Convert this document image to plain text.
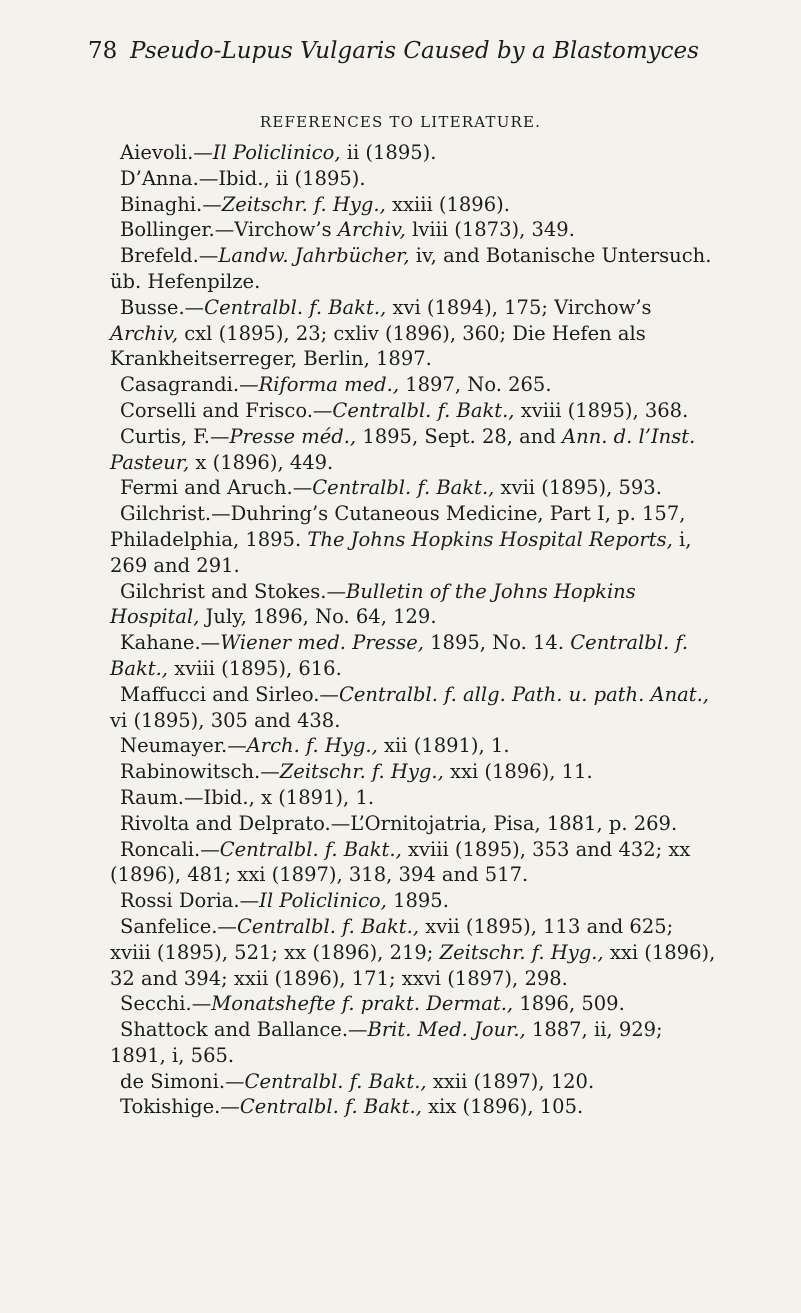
78 Pseudo-Lupus Vulgaris Caused by a Blastomyces
REFERENCES TO LITERATURE.

Aievoli.—Il Policlinico, ii (1895).

D’Anna.—Ibid., ii (1895).

Binaghi.—Zeitschr. f. Hyg., xxiii (1896).

Bollinger.—Virchow’s Archiv, lviii (1873), 349.

Brefeld.—Landw. Jahrbücher, iv, and Botanische Untersuch. üb. Hefenpilze.

Busse.—Centralbl. f. Bakt., xvi (1894), 175; Virchow’s Archiv, cxl (1895), 23; cxliv (1896), 360; Die Hefen als Krankheitserreger, Berlin, 1897.

Casagrandi.—Riforma med., 1897, No. 265.

Corselli and Frisco.—Centralbl. f. Bakt., xviii (1895), 368.

Curtis, F.—Presse méd., 1895, Sept. 28, and Ann. d. l’Inst. Pasteur, x (1896), 449.

Fermi and Aruch.—Centralbl. f. Bakt., xvii (1895), 593.

Gilchrist.—Duhring’s Cutaneous Medicine, Part I, p. 157, Philadelphia, 1895. The Johns Hopkins Hospital Reports, i, 269 and 291.

Gilchrist and Stokes.—Bulletin of the Johns Hopkins Hospital, July, 1896, No. 64, 129.

Kahane.—Wiener med. Presse, 1895, No. 14. Centralbl. f. Bakt., xviii (1895), 616.

Maffucci and Sirleo.—Centralbl. f. allg. Path. u. path. Anat., vi (1895), 305 and 438.

Neumayer.—Arch. f. Hyg., xii (1891), 1.

Rabinowitsch.—Zeitschr. f. Hyg., xxi (1896), 11.

Raum.—Ibid., x (1891), 1.

Rivolta and Delprato.—L’Ornitojatria, Pisa, 1881, p. 269.

Roncali.—Centralbl. f. Bakt., xviii (1895), 353 and 432; xx (1896), 481; xxi (1897), 318, 394 and 517.

Rossi Doria.—Il Policlinico, 1895.

Sanfelice.—Centralbl. f. Bakt., xvii (1895), 113 and 625; xviii (1895), 521; xx (1896), 219; Zeitschr. f. Hyg., xxi (1896), 32 and 394; xxii (1896), 171; xxvi (1897), 298.

Secchi.—Monatshefte f. prakt. Dermat., 1896, 509.

Shattock and Ballance.—Brit. Med. Jour., 1887, ii, 929; 1891, i, 565.

de Simoni.—Centralbl. f. Bakt., xxii (1897), 120.

Tokishige.—Centralbl. f. Bakt., xix (1896), 105.
